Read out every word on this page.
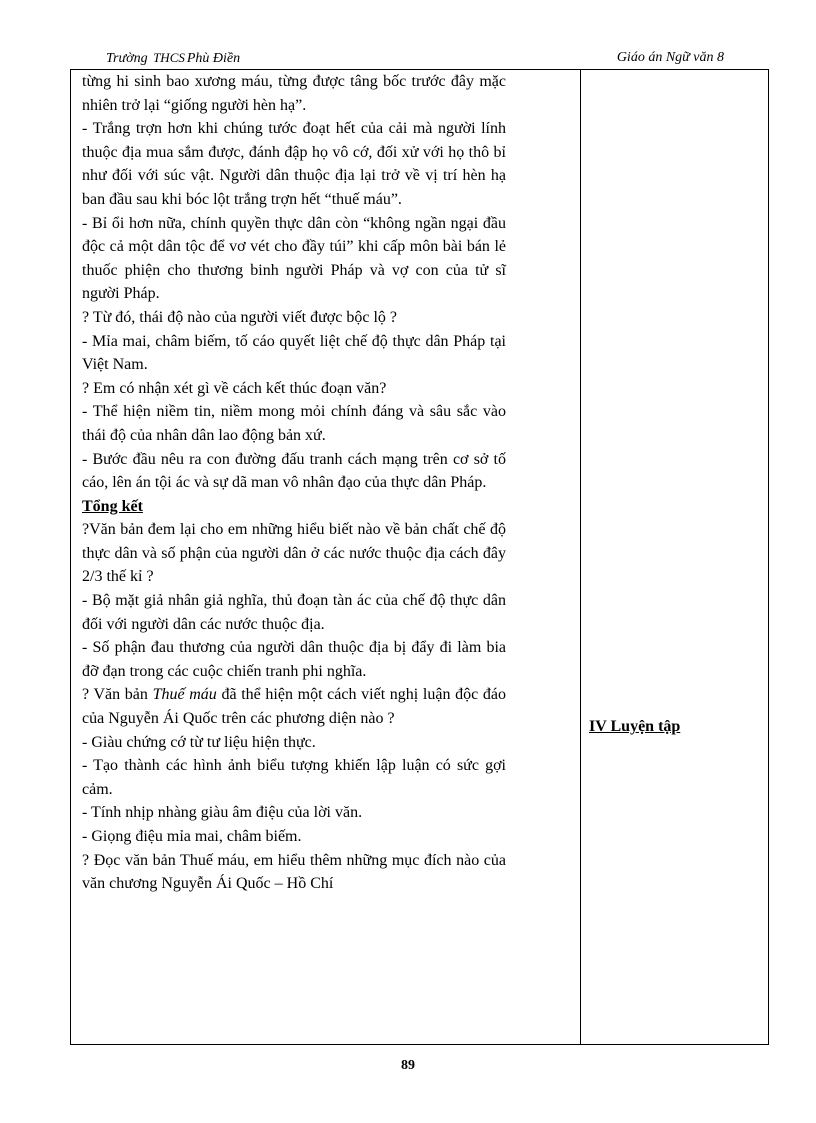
Trường THCS Phù Điền	Giáo án Ngữ văn 8

từng hi sinh bao xương máu, từng được tâng bốc trước đây mặc nhiên trở lại “giống người hèn hạ”.

- Trắng trợn hơn khi chúng tước đoạt hết của cải mà người lính thuộc địa mua sắm được, đánh đập họ vô cớ, đối xử với họ thô bỉ như đối với súc vật. Người dân thuộc địa lại trở về vị trí hèn hạ ban đầu sau khi bóc lột trắng trợn hết “thuế máu”.

- Bỉ ổi hơn nữa, chính quyền thực dân còn “không ngần ngại đầu độc cả một dân tộc để vơ vét cho đầy túi” khi cấp môn bài bán lẻ thuốc phiện cho thương binh người Pháp và vợ con của tử sĩ người Pháp.

? Từ đó, thái độ nào của người viết được bộc lộ ?

- Mỉa mai, châm biếm, tố cáo quyết liệt chế độ thực dân Pháp tại Việt Nam.

? Em có nhận xét gì về cách kết thúc đoạn văn?

- Thể hiện niềm tin, niềm mong mỏi chính đáng và sâu sắc vào thái độ của nhân dân lao động bản xứ.

- Bước đầu nêu ra con đường đấu tranh cách mạng trên cơ sở tố cáo, lên án tội ác và sự dã man vô nhân đạo của thực dân Pháp.

Tổng kết

?Văn bản đem lại cho em những hiểu biết nào về bản chất chế độ thực dân và số phận của người dân ở các nước thuộc địa cách đây 2/3 thế kỉ ?

- Bộ mặt giả nhân giả nghĩa, thủ đoạn tàn ác của chế độ thực dân đối với người dân các nước thuộc địa.

- Số phận đau thương của người dân thuộc địa bị đẩy đi làm bia đỡ đạn trong các cuộc chiến tranh phi nghĩa.

? Văn bản Thuế máu đã thể hiện một cách viết nghị luận độc đáo của Nguyễn Ái Quốc trên các phương diện nào ?

- Giàu chứng cớ từ tư liệu hiện thực.

- Tạo thành các hình ảnh biểu tượng khiến lập luận có sức gợi cảm.

- Tính nhịp nhàng giàu âm điệu của lời văn.

- Giọng điệu mỉa mai, châm biếm.

? Đọc văn bản Thuế máu, em hiểu thêm những mục đích nào của văn chương Nguyễn Ái Quốc – Hồ Chí

IV Luyện tập
89
